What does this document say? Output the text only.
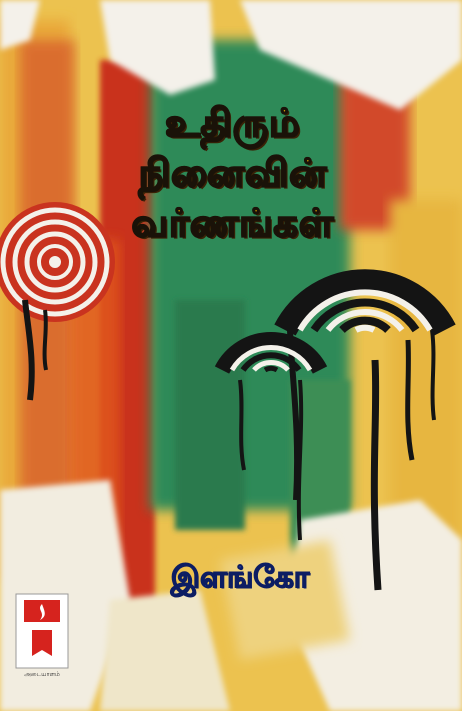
உதிரும்
நினைவின்
வர்ணங்கள்
இளங்கோ
அடையாளம்
